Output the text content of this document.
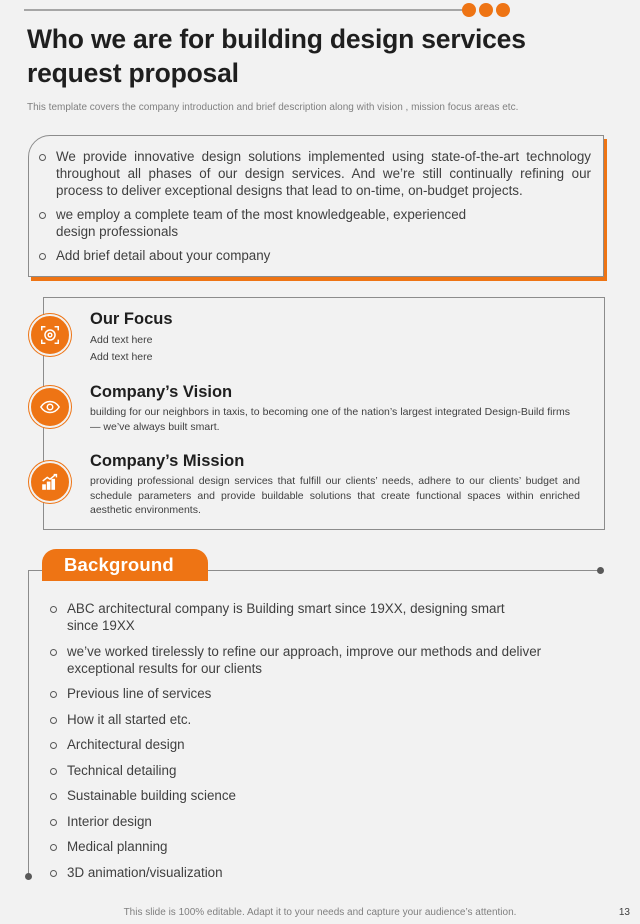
Who we are for building design services request proposal

This template covers the company introduction and brief description along with vision , mission focus areas etc.

We provide innovative design solutions implemented using state-of-the-art technology throughout all phases of our design services. And we’re still continually refining our process to deliver exceptional designs that lead to on-time, on-budget projects.
we employ a complete team of the most knowledgeable, experienced design professionals
Add brief detail about your company
Our Focus
Add text here
Add text here
Company’s Vision
building for our neighbors in taxis, to becoming one of the nation’s largest integrated Design-Build firms — we’ve always built smart.
Company’s Mission
providing professional design services that fulfill our clients’ needs, adhere to our clients’ budget and schedule parameters and provide buildable solutions that create functional spaces within enriched aesthetic environments.
Background
ABC architectural company is Building smart since 19XX, designing smart since 19XX
we’ve worked tirelessly to refine our approach, improve our methods and deliver exceptional results for our clients
Previous line of services
How it all started etc.
Architectural design
Technical detailing
Sustainable building science
Interior design
Medical planning
3D animation/visualization
This slide is 100% editable. Adapt it to your needs and capture your audience’s attention.	13
